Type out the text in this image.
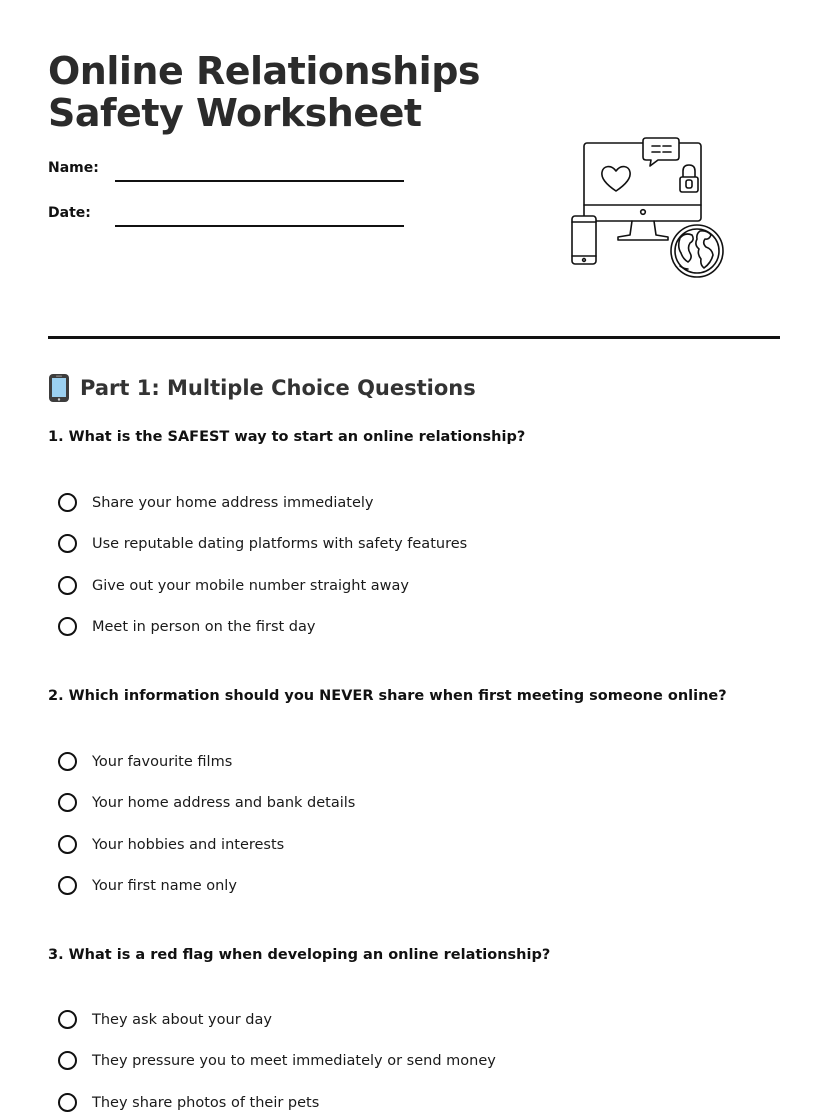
Online Relationships
Safety Worksheet
Name:
Date:
Part 1: Multiple Choice Questions

1. What is the SAFEST way to start an online relationship?

Share your home address immediately
Use reputable dating platforms with safety features
Give out your mobile number straight away
Meet in person on the first day

2. Which information should you NEVER share when first meeting someone online?

Your favourite films
Your home address and bank details
Your hobbies and interests
Your first name only

3. What is a red flag when developing an online relationship?

They ask about your day
They pressure you to meet immediately or send money
They share photos of their pets
